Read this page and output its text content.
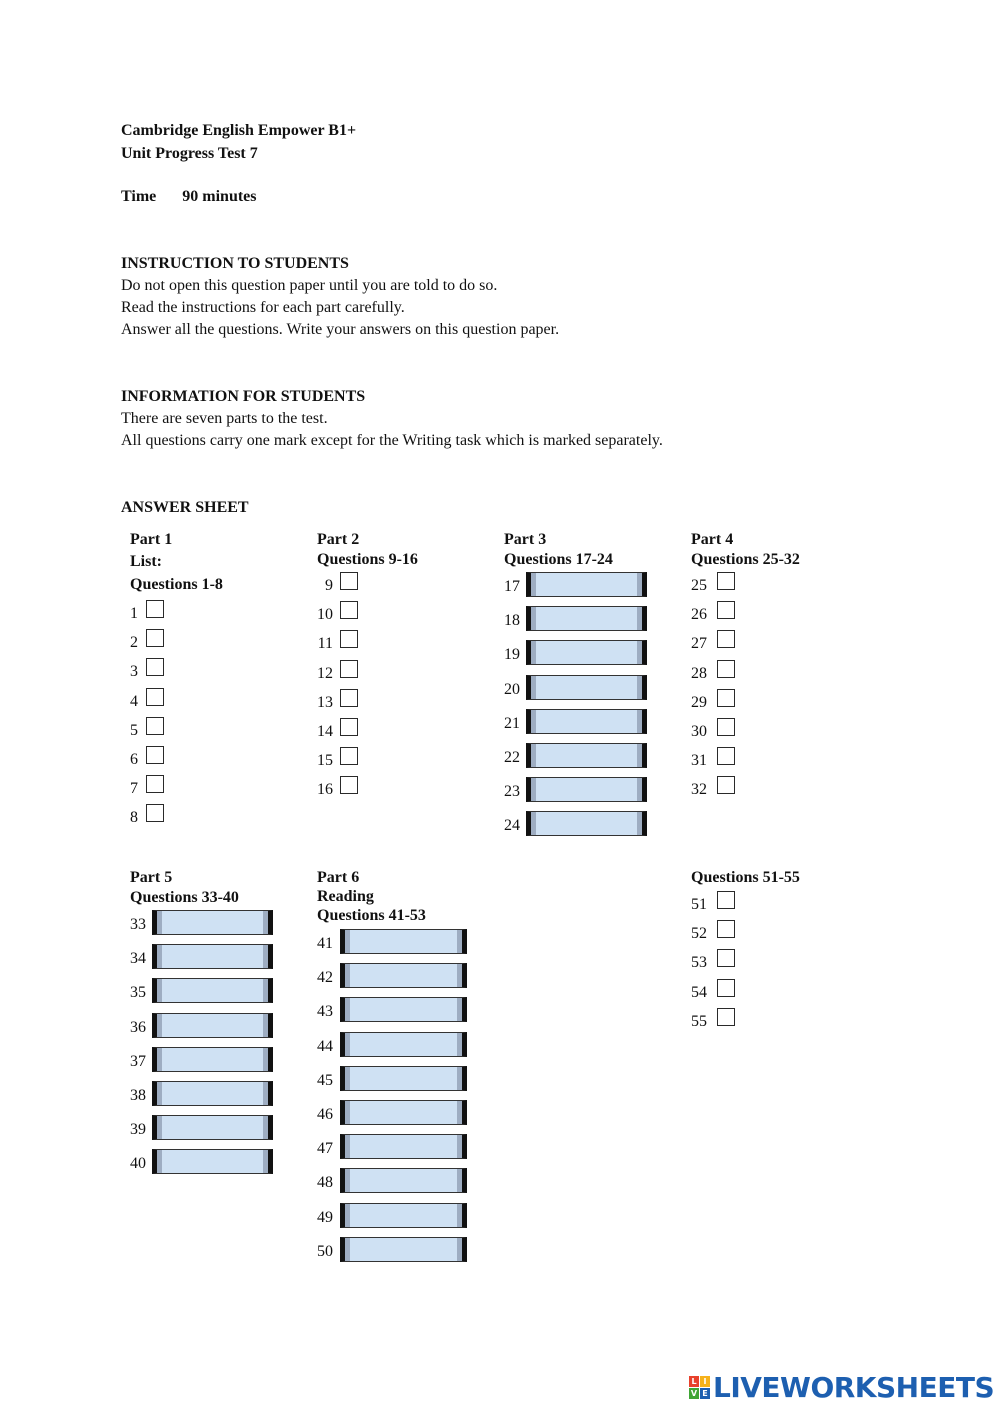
Cambridge English Empower B1+
Unit Progress Test 7
Time 90 minutes
INSTRUCTION TO STUDENTS
Do not open this question paper until you are told to do so.
Read the instructions for each part carefully.
Answer all the questions. Write your answers on this question paper.
INFORMATION FOR STUDENTS
There are seven parts to the test.
All questions carry one mark except for the Writing task which is marked separately.
ANSWER SHEET
Part 1
List:
Questions 1-8
1
2
3
4
5
6
7
8
Part 2
Questions 9-16
9
10
11
12
13
14
15
16
Part 3
Questions 17-24
17
18
19
20
21
22
23
24
Part 4
Questions 25-32
25
26
27
28
29
30
31
32
Part 5
Questions 33-40
33
34
35
36
37
38
39
40
Part 6
Reading
Questions 41-53
41
42
43
44
45
46
47
48
49
50
Questions 51-55
51
52
53
54
55
L I
V E LIVEWORKSHEETS
